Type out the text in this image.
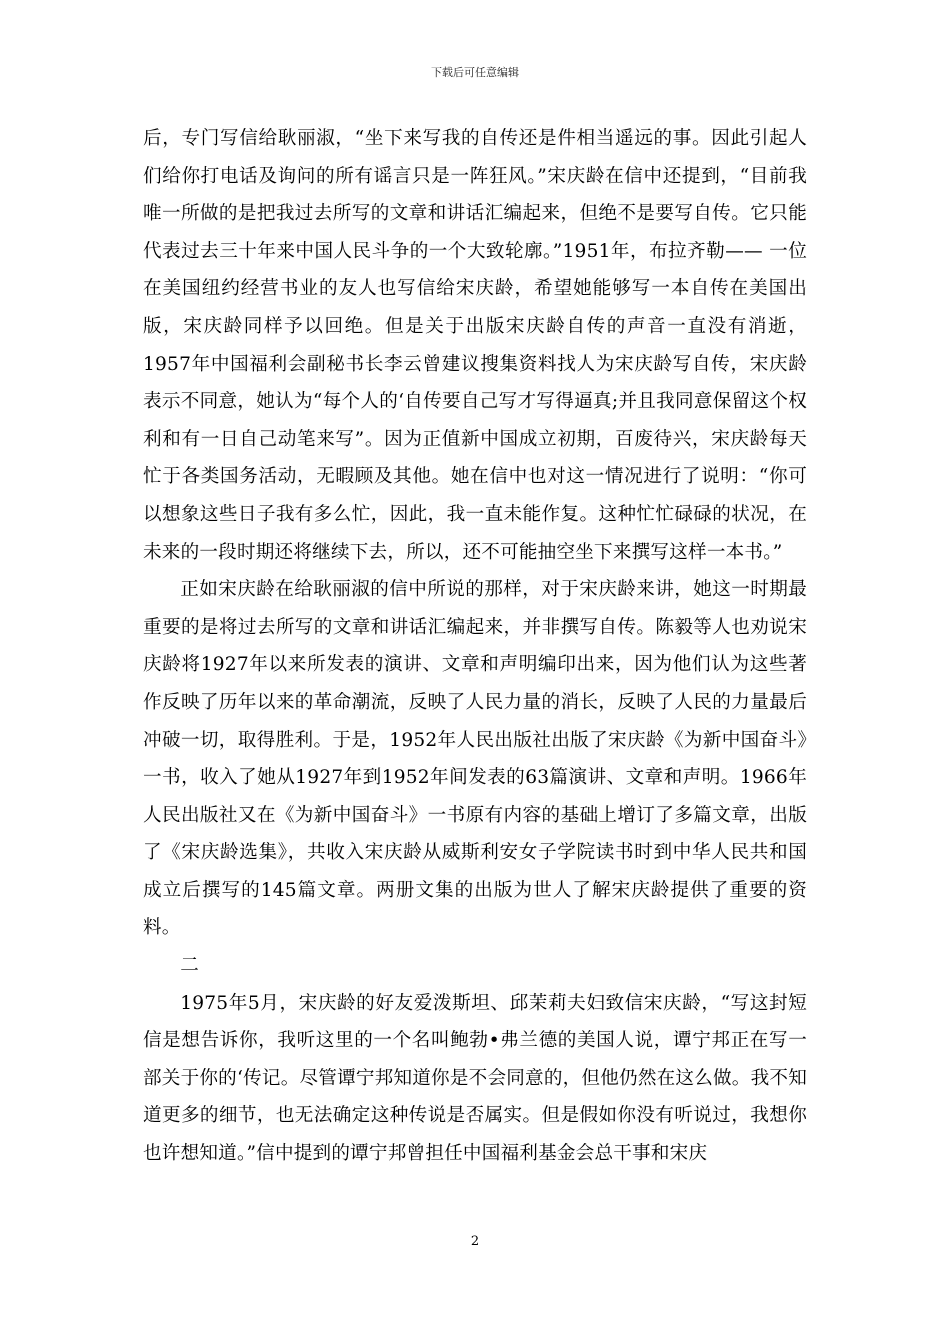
下载后可任意编辑

后，专门写信给耿丽淑，“坐下来写我的自传还是件相当遥远的事。因此引起人们给你打电话及询问的所有谣言只是一阵狂风。”宋庆龄在信中还提到，“目前我唯一所做的是把我过去所写的文章和讲话汇编起来，但绝不是要写自传。它只能代表过去三十年来中国人民斗争的一个大致轮廓。”1951年，布拉齐勒—— 一位在美国纽约经营书业的友人也写信给宋庆龄，希望她能够写一本自传在美国出版，宋庆龄同样予以回绝。但是关于出版宋庆龄自传的声音一直没有消逝，1957年中国福利会副秘书长李云曾建议搜集资料找人为宋庆龄写自传，宋庆龄表示不同意，她认为“每个人的‘自传要自己写才写得逼真;并且我同意保留这个权利和有一日自己动笔来写”。因为正值新中国成立初期，百废待兴，宋庆龄每天忙于各类国务活动，无暇顾及其他。她在信中也对这一情况进行了说明：“你可以想象这些日子我有多么忙，因此，我一直未能作复。这种忙忙碌碌的状况，在未来的一段时期还将继续下去，所以，还不可能抽空坐下来撰写这样一本书。”

正如宋庆龄在给耿丽淑的信中所说的那样，对于宋庆龄来讲，她这一时期最重要的是将过去所写的文章和讲话汇编起来，并非撰写自传。陈毅等人也劝说宋庆龄将1927年以来所发表的演讲、文章和声明编印出来，因为他们认为这些著作反映了历年以来的革命潮流，反映了人民力量的消长，反映了人民的力量最后冲破一切，取得胜利。于是，1952年人民出版社出版了宋庆龄《为新中国奋斗》一书，收入了她从1927年到1952年间发表的63篇演讲、文章和声明。1966年人民出版社又在《为新中国奋斗》一书原有内容的基础上增订了多篇文章，出版了《宋庆龄选集》，共收入宋庆龄从威斯利安女子学院读书时到中华人民共和国成立后撰写的145篇文章。两册文集的出版为世人了解宋庆龄提供了重要的资料。

二

1975年5月，宋庆龄的好友爱泼斯坦、邱茉莉夫妇致信宋庆龄，“写这封短信是想告诉你，我听这里的一个名叫鲍勃•弗兰德的美国人说，谭宁邦正在写一部关于你的‘传记。尽管谭宁邦知道你是不会同意的，但他仍然在这么做。我不知道更多的细节，也无法确定这种传说是否属实。但是假如你没有听说过，我想你也许想知道。”信中提到的谭宁邦曾担任中国福利基金会总干事和宋庆

2
